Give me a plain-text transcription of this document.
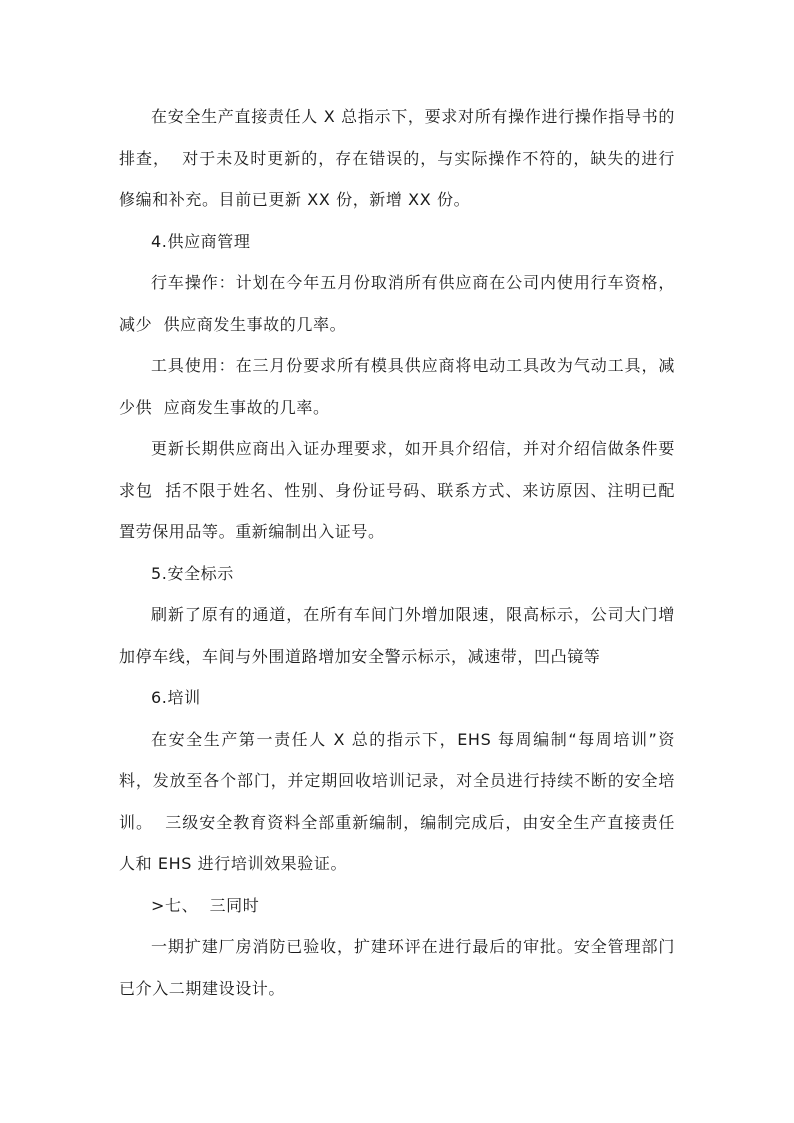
在安全生产直接责任人 X 总指示下，要求对所有操作进行操作指导书的排查，  对于未及时更新的，存在错误的，与实际操作不符的，缺失的进行修编和补充。目前已更新 XX 份，新增 XX 份。

4.供应商管理

行车操作：计划在今年五月份取消所有供应商在公司内使用行车资格，减少  供应商发生事故的几率。

工具使用：在三月份要求所有模具供应商将电动工具改为气动工具，减少供  应商发生事故的几率。

更新长期供应商出入证办理要求，如开具介绍信，并对介绍信做条件要求包  括不限于姓名、性别、身份证号码、联系方式、来访原因、注明已配置劳保用品等。重新编制出入证号。

5.安全标示

刷新了原有的通道，在所有车间门外增加限速，限高标示，公司大门增加停车线，车间与外围道路增加安全警示标示，减速带，凹凸镜等

6.培训

在安全生产第一责任人 X 总的指示下，EHS 每周编制“每周培训”资料，发放至各个部门，并定期回收培训记录，对全员进行持续不断的安全培训。  三级安全教育资料全部重新编制，编制完成后，由安全生产直接责任人和 EHS 进行培训效果验证。

>七、  三同时

一期扩建厂房消防已验收，扩建环评在进行最后的审批。安全管理部门已介入二期建设设计。
